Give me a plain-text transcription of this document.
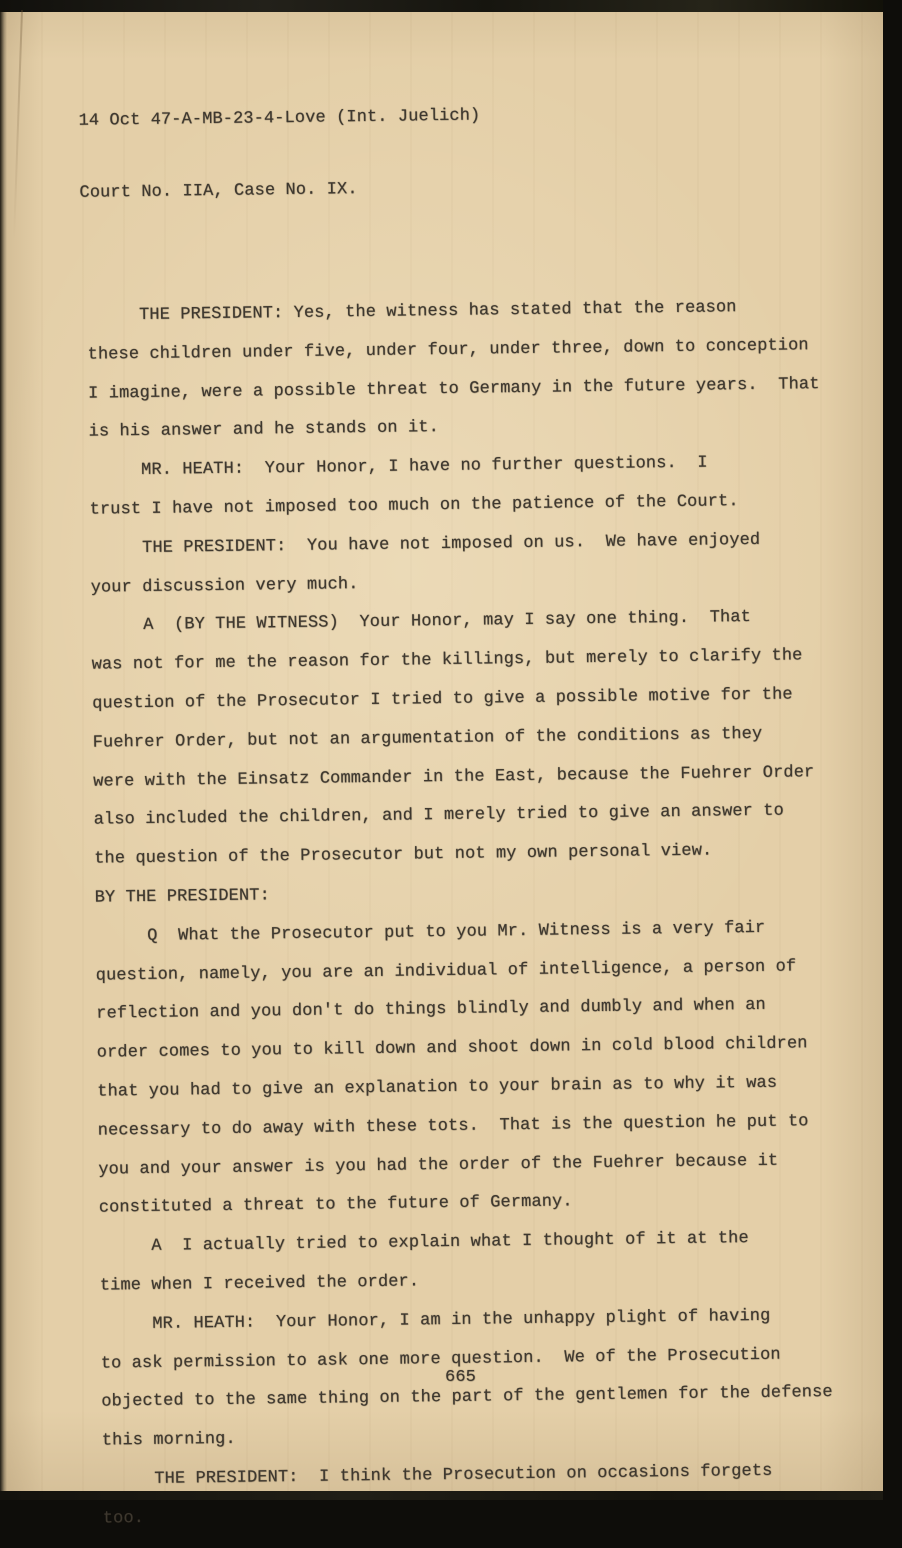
14 Oct 47-A-MB-23-4-Love (Int. Juelich)

Court No. IIA, Case No. IX.

THE PRESIDENT: Yes, the witness has stated that the reason
these children under five, under four, under three, down to conception
I imagine, were a possible threat to Germany in the future years.  That
is his answer and he stands on it.
MR. HEATH:  Your Honor, I have no further questions.  I
trust I have not imposed too much on the patience of the Court.
THE PRESIDENT:  You have not imposed on us.  We have enjoyed
your discussion very much.
A  (BY THE WITNESS)  Your Honor, may I say one thing.  That
was not for me the reason for the killings, but merely to clarify the
question of the Prosecutor I tried to give a possible motive for the
Fuehrer Order, but not an argumentation of the conditions as they
were with the Einsatz Commander in the East, because the Fuehrer Order
also included the children, and I merely tried to give an answer to
the question of the Prosecutor but not my own personal view.
BY THE PRESIDENT:
Q  What the Prosecutor put to you Mr. Witness is a very fair
question, namely, you are an individual of intelligence, a person of
reflection and you don't do things blindly and dumbly and when an
order comes to you to kill down and shoot down in cold blood children
that you had to give an explanation to your brain as to why it was
necessary to do away with these tots.  That is the question he put to
you and your answer is you had the order of the Fuehrer because it
constituted a threat to the future of Germany.
A  I actually tried to explain what I thought of it at the
time when I received the order.
MR. HEATH:  Your Honor, I am in the unhappy plight of having
to ask permission to ask one more question.  We of the Prosecution
objected to the same thing on the part of the gentlemen for the defense
this morning.
THE PRESIDENT:  I think the Prosecution on occasions forgets
too.
665
